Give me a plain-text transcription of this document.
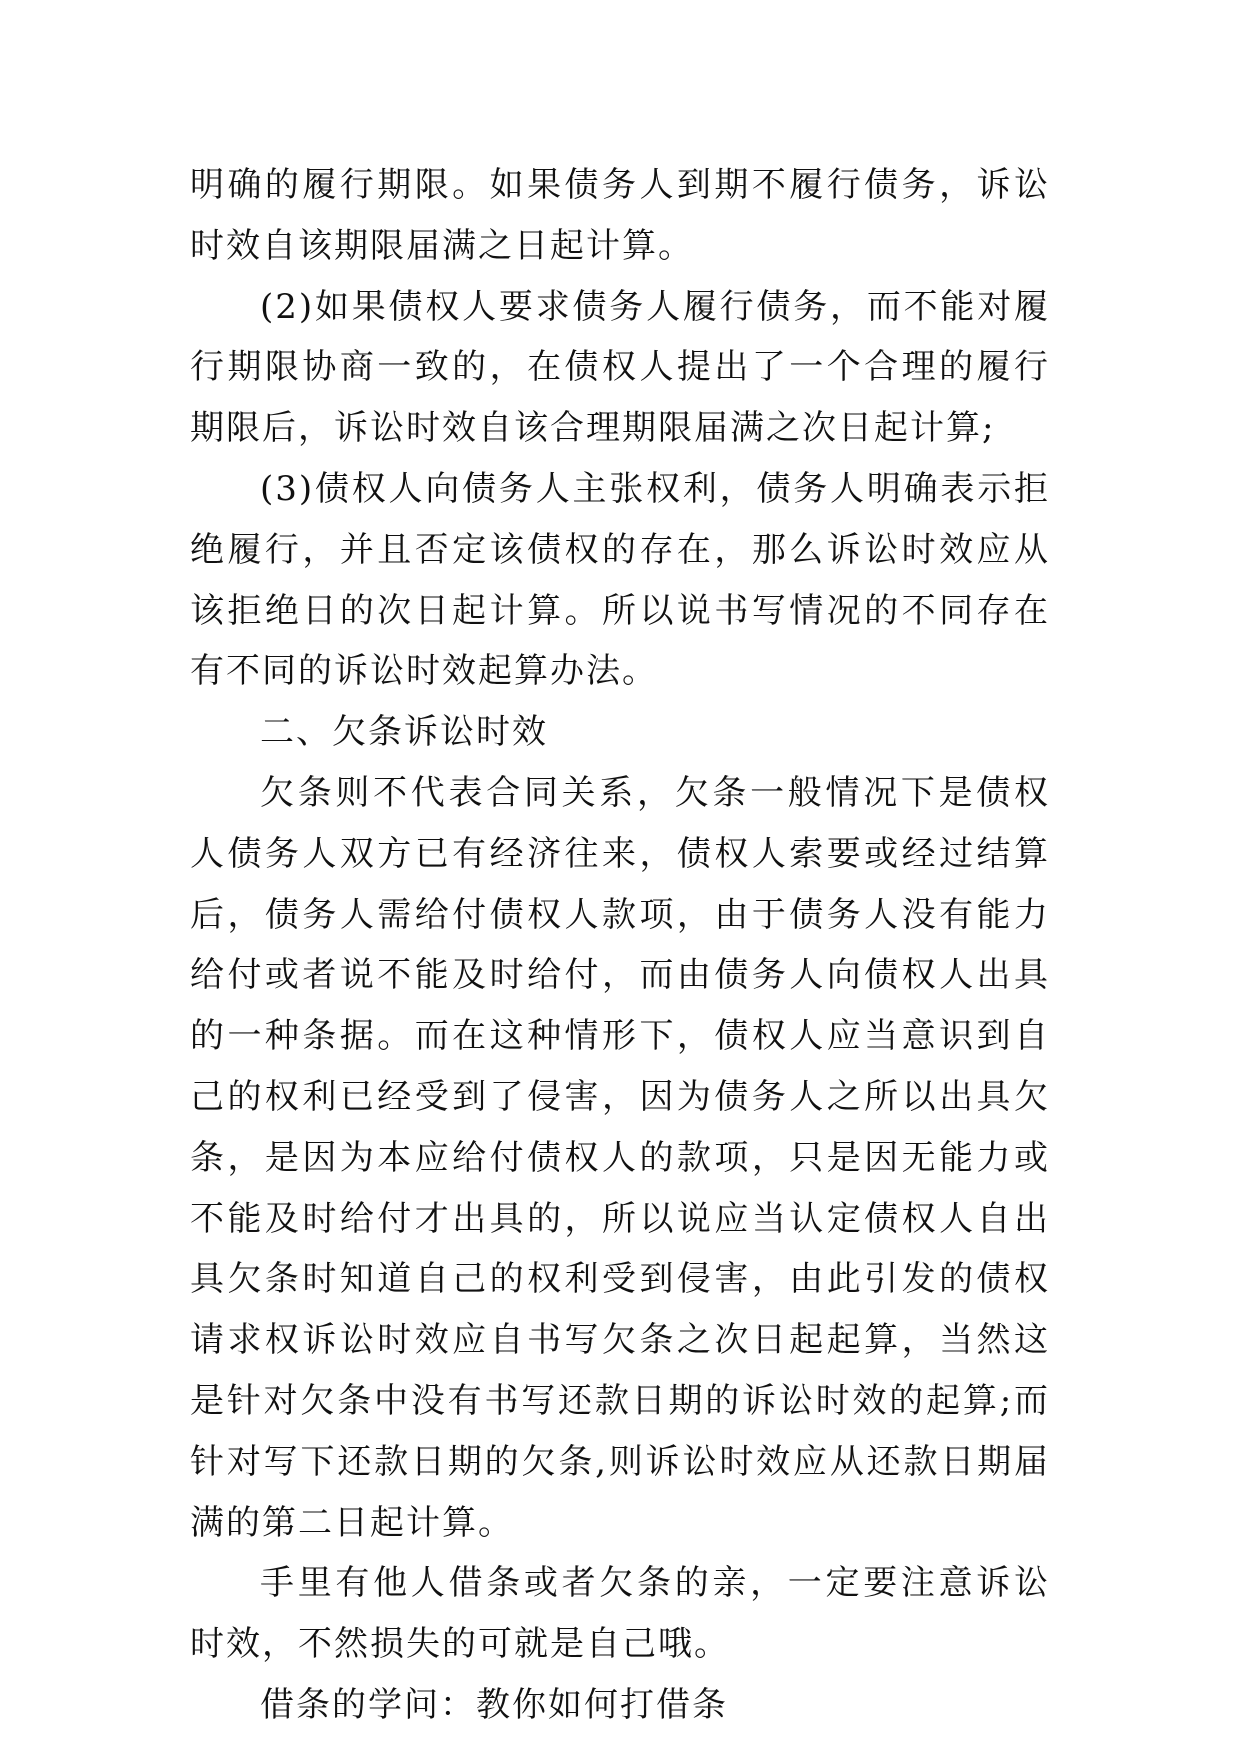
明确的履行期限。如果债务人到期不履行债务，诉讼时效自该期限届满之日起计算。

(2)如果债权人要求债务人履行债务，而不能对履行期限协商一致的，在债权人提出了一个合理的履行期限后，诉讼时效自该合理期限届满之次日起计算;

(3)债权人向债务人主张权利，债务人明确表示拒绝履行，并且否定该债权的存在，那么诉讼时效应从该拒绝日的次日起计算。所以说书写情况的不同存在有不同的诉讼时效起算办法。

二、欠条诉讼时效

欠条则不代表合同关系，欠条一般情况下是债权人债务人双方已有经济往来，债权人索要或经过结算后，债务人需给付债权人款项，由于债务人没有能力给付或者说不能及时给付，而由债务人向债权人出具的一种条据。而在这种情形下，债权人应当意识到自己的权利已经受到了侵害，因为债务人之所以出具欠条，是因为本应给付债权人的款项，只是因无能力或不能及时给付才出具的，所以说应当认定债权人自出具欠条时知道自己的权利受到侵害，由此引发的债权请求权诉讼时效应自书写欠条之次日起起算，当然这是针对欠条中没有书写还款日期的诉讼时效的起算;而针对写下还款日期的欠条,则诉讼时效应从还款日期届满的第二日起计算。

手里有他人借条或者欠条的亲，一定要注意诉讼时效，不然损失的可就是自己哦。

借条的学问：教你如何打借条
